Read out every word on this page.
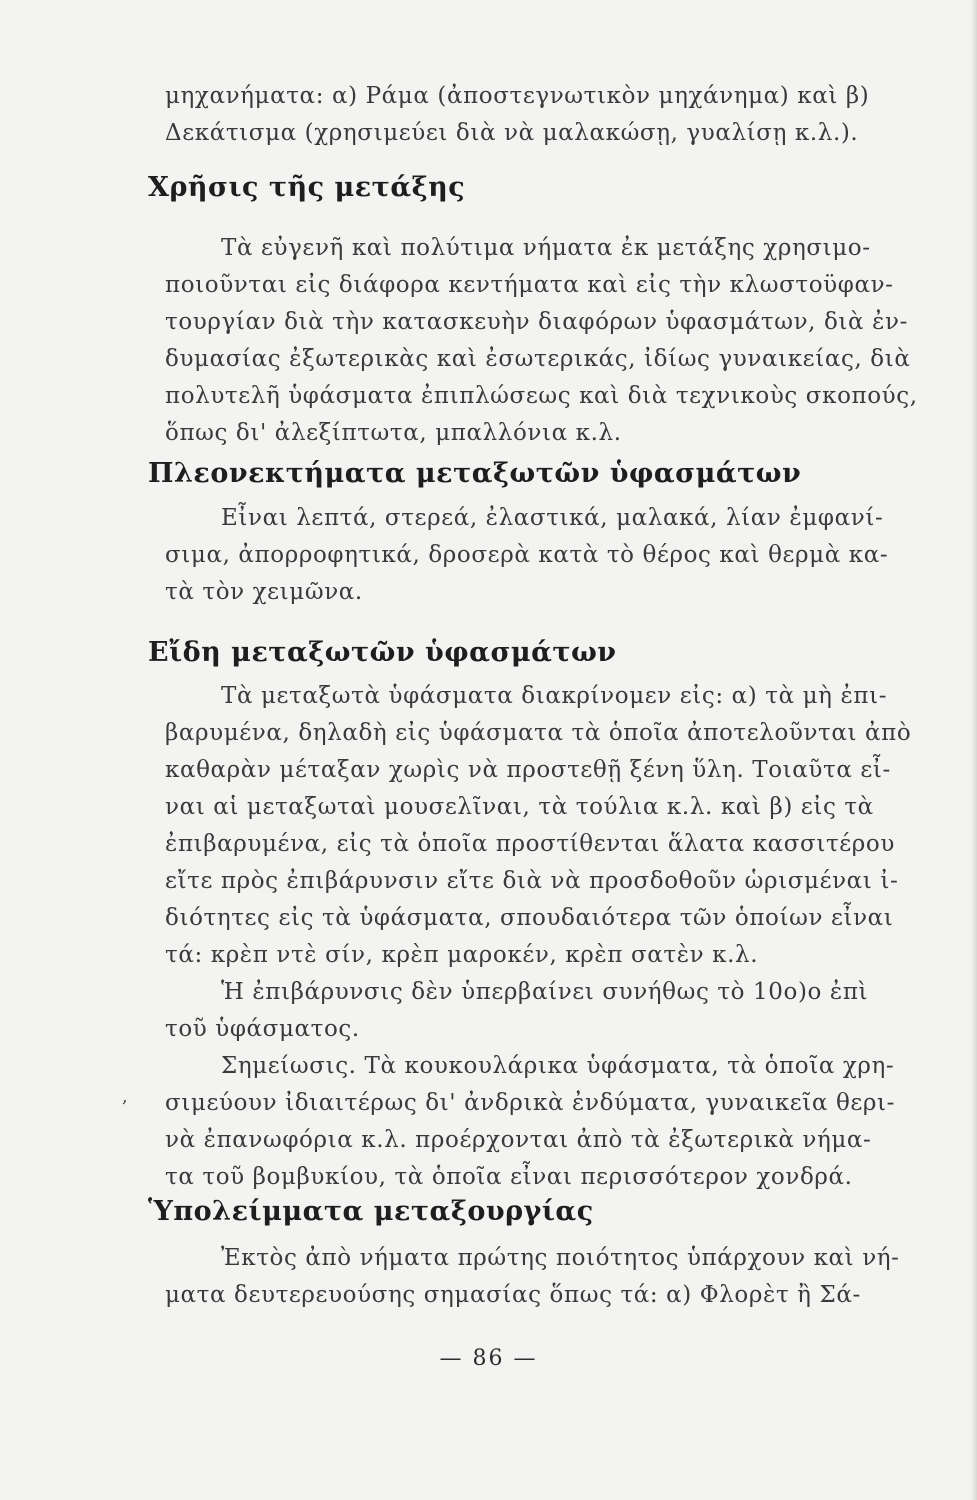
μηχανήματα: α) Ράμα (ἀποστεγνωτικὸν μηχάνημα) καὶ β)
Δεκάτισμα (χρησιμεύει διὰ νὰ μαλακώσῃ, γυαλίσῃ κ.λ.).
Χρῆσις τῆς μετάξης
Τὰ εὐγενῆ καὶ πολύτιμα νήματα ἐκ μετάξης χρησιμο-
ποιοῦνται εἰς διάφορα κεντήματα καὶ εἰς τὴν κλωστοϋφαν-
τουργίαν διὰ τὴν κατασκευὴν διαφόρων ὑφασμάτων, διὰ ἐν-
δυμασίας ἐξωτερικὰς καὶ ἐσωτερικάς, ἰδίως γυναικείας, διὰ
πολυτελῆ ὑφάσματα ἐπιπλώσεως καὶ διὰ τεχνικοὺς σκοπούς,
ὅπως δι' ἀλεξίπτωτα, μπαλλόνια κ.λ.
Πλεονεκτήματα μεταξωτῶν ὑφασμάτων
Εἶναι λεπτά, στερεά, ἐλαστικά, μαλακά, λίαν ἐμφανί-
σιμα, ἀπορροφητικά, δροσερὰ κατὰ τὸ θέρος καὶ θερμὰ κα-
τὰ τὸν χειμῶνα.
Εἴδη μεταξωτῶν ὑφασμάτων
Τὰ μεταξωτὰ ὑφάσματα διακρίνομεν εἰς: α) τὰ μὴ ἐπι-
βαρυμένα, δηλαδὴ εἰς ὑφάσματα τὰ ὁποῖα ἀποτελοῦνται ἀπὸ
καθαρὰν μέταξαν χωρὶς νὰ προστεθῇ ξένη ὕλη. Τοιαῦτα εἶ-
ναι αἱ μεταξωταὶ μουσελῖναι, τὰ τούλια κ.λ. καὶ β) εἰς τὰ
ἐπιβαρυμένα, εἰς τὰ ὁποῖα προστίθενται ἅλατα κασσιτέρου
εἴτε πρὸς ἐπιβάρυνσιν εἴτε διὰ νὰ προσδοθοῦν ὡρισμέναι ἰ-
διότητες εἰς τὰ ὑφάσματα, σπουδαιότερα τῶν ὁποίων εἶναι
τά: κρὲπ ντὲ σίν, κρὲπ μαροκέν, κρὲπ σατὲν κ.λ.
Ἡ ἐπιβάρυνσις δὲν ὑπερβαίνει συνήθως τὸ 10ο)ο ἐπὶ
τοῦ ὑφάσματος.
Σημείωσις. Τὰ κουκουλάρικα ὑφάσματα, τὰ ὁποῖα χρη-
σιμεύουν ἰδιαιτέρως δι' ἀνδρικὰ ἐνδύματα, γυναικεῖα θερι-
νὰ ἐπανωφόρια κ.λ. προέρχονται ἀπὸ τὰ ἐξωτερικὰ νήμα-
τα τοῦ βομβυκίου, τὰ ὁποῖα εἶναι περισσότερον χονδρά.
,
Ὑπολείμματα μεταξουργίας
Ἐκτὸς ἀπὸ νήματα πρώτης ποιότητος ὑπάρχουν καὶ νή-
ματα δευτερευούσης σημασίας ὅπως τά: α) Φλορὲτ ἢ Σά-
— 86 —
